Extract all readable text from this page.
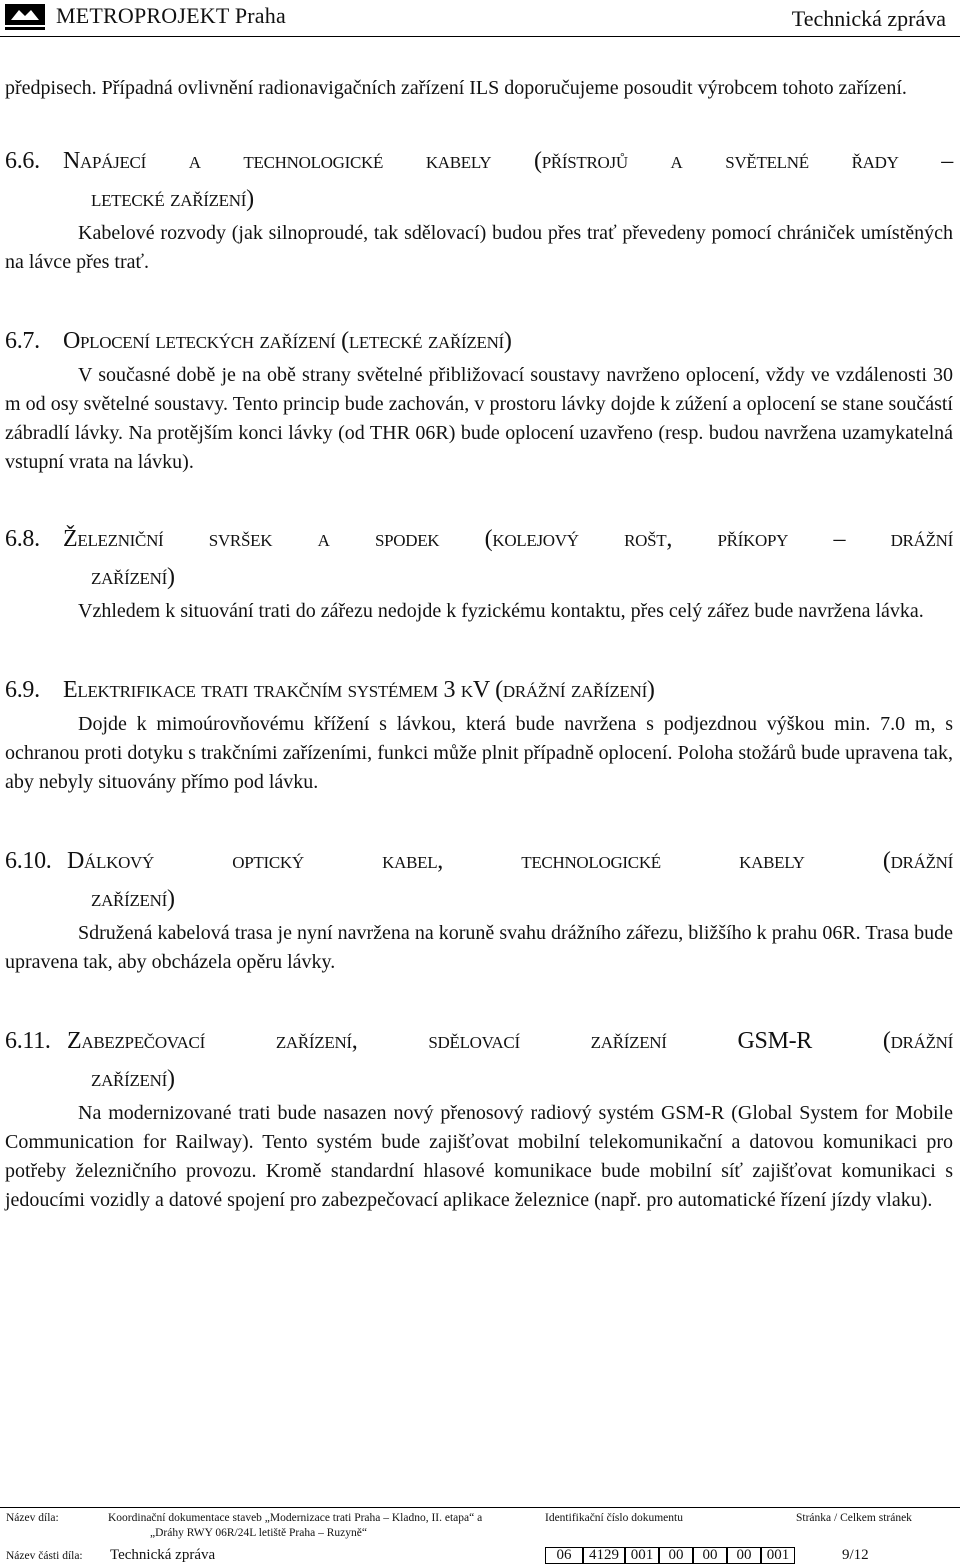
METROPROJEKT Praha	Technická zpráva

předpisech. Případná ovlivnění radionavigačních zařízení ILS doporučujeme posoudit výrobcem tohoto zařízení.

6.6. Napájecí a technologické kabely (přístrojů a světelné řady –
letecké zařízení)

Kabelové rozvody (jak silnoproudé, tak sdělovací) budou přes trať převedeny pomocí chrániček umístěných na lávce přes trať.

6.7. Oplocení leteckých zařízení (letecké zařízení)

V současné době je na obě strany světelné přibližovací soustavy navrženo oplocení, vždy ve vzdálenosti 30 m od osy světelné soustavy. Tento princip bude zachován, v prostoru lávky dojde k zúžení a oplocení se stane součástí zábradlí lávky. Na protějším konci lávky (od THR 06R) bude oplocení uzavřeno (resp. budou navržena uzamykatelná vstupní vrata na lávku).

6.8. Železniční svršek a spodek (kolejový rošt, příkopy – drážní
zařízení)

Vzhledem k situování trati do zářezu nedojde k fyzickému kontaktu, přes celý zářez bude navržena lávka.

6.9. Elektrifikace trati trakčním systémem 3 kV (drážní zařízení)

Dojde k mimoúrovňovému křížení s lávkou, která bude navržena s podjezdnou výškou min. 7.0 m, s ochranou proti dotyku s trakčními zařízeními, funkci může plnit případně oplocení. Poloha stožárů bude upravena tak, aby nebyly situovány přímo pod lávku.

6.10. Dálkový optický kabel, technologické kabely (drážní
zařízení)

Sdružená kabelová trasa je nyní navržena na koruně svahu drážního zářezu, bližšího k prahu 06R. Trasa bude upravena tak, aby obcházela opěru lávky.

6.11. Zabezpečovací zařízení, sdělovací zařízení GSM-R (drážní
zařízení)

Na modernizované trati bude nasazen nový přenosový radiový systém GSM-R (Global System for Mobile Communication for Railway). Tento systém bude zajišťovat mobilní telekomunikační a datovou komunikaci pro potřeby železničního provozu. Kromě standardní hlasové komunikace bude mobilní síť zajišťovat komunikaci s jedoucími vozidly a datové spojení pro zabezpečovací aplikace železnice (např. pro automatické řízení jízdy vlaku).

Název díla:	Koordinační dokumentace staveb „Modernizace trati Praha – Kladno, II. etapa“ a
„Dráhy RWY 06R/24L letiště Praha – Ruzyně“
Identifikační číslo dokumentu	Stránka / Celkem stránek
Název části díla: Technická zpráva	06	4129 001	00	00	00	001	9/12
